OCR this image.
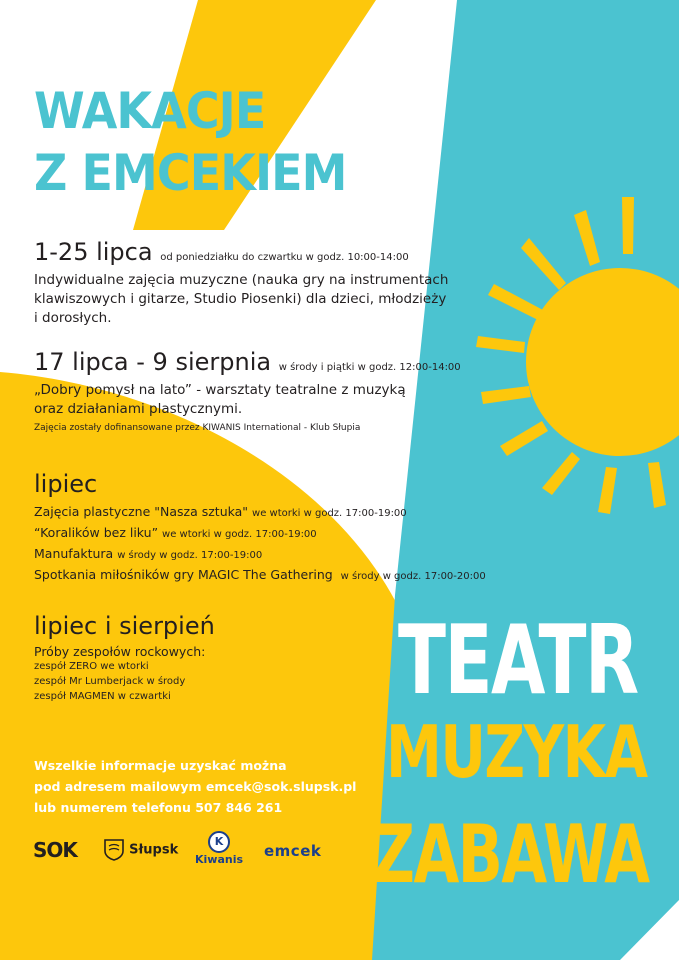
WAKACJE
Z EMCEKIEM
1-25 lipca od poniedziałku do czwartku w godz. 10:00-14:00
Indywidualne zajęcia muzyczne (nauka gry na instrumentach
klawiszowych i gitarze, Studio Piosenki) dla dzieci, młodzieży
i dorosłych.
17 lipca - 9 sierpnia w środy i piątki w godz. 12:00-14:00
„Dobry pomysł na lato” - warsztaty teatralne z muzyką
oraz działaniami plastycznymi.
Zajęcia zostały dofinansowane przez KIWANIS International - Klub Słupia
lipiec
Zajęcia plastyczne "Nasza sztuka" we wtorki w godz. 17:00-19:00
“Koralików bez liku” we wtorki w godz. 17:00-19:00
Manufaktura w środy w godz. 17:00-19:00
Spotkania miłośników gry MAGIC The Gathering w środy w godz. 17:00-20:00
lipiec i sierpień
Próby zespołów rockowych:
zespół ZERO we wtorki
zespół Mr Lumberjack w środy
zespół MAGMEN w czwartki
Wszelkie informacje uzyskać można
pod adresem mailowym emcek@sok.slupsk.pl
lub numerem telefonu 507 846 261
SOK	Słupsk
K
Kiwanis emcek
TEATR
MUZYKA
ZABAWA
